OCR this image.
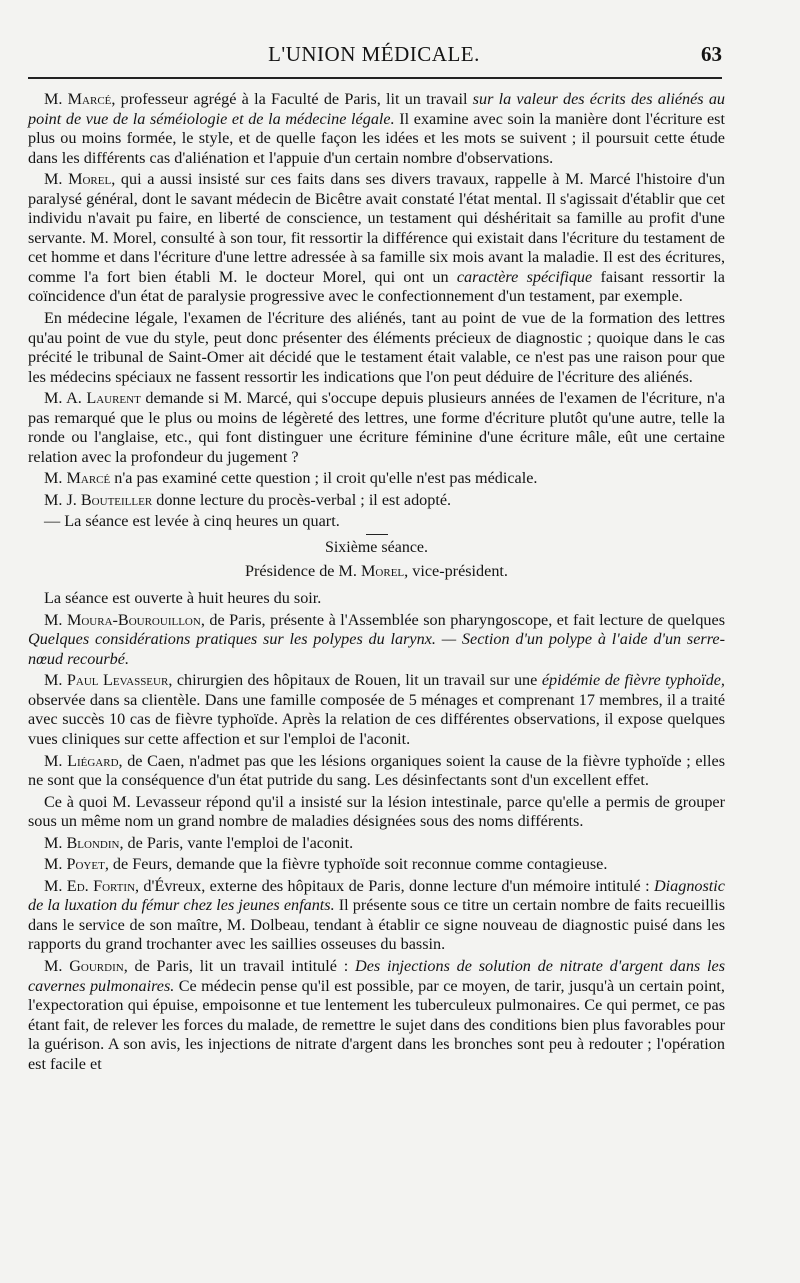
L'UNION MÉDICALE.	63

M. Marcé, professeur agrégé à la Faculté de Paris, lit un travail sur la valeur des écrits des aliénés au point de vue de la séméiologie et de la médecine légale. Il examine avec soin la manière dont l'écriture est plus ou moins formée, le style, et de quelle façon les idées et les mots se suivent ; il poursuit cette étude dans les différents cas d'aliénation et l'appuie d'un certain nombre d'observations.

M. Morel, qui a aussi insisté sur ces faits dans ses divers travaux, rappelle à M. Marcé l'histoire d'un paralysé général, dont le savant médecin de Bicêtre avait constaté l'état mental. Il s'agissait d'établir que cet individu n'avait pu faire, en liberté de conscience, un testament qui déshéritait sa famille au profit d'une servante. M. Morel, consulté à son tour, fit ressortir la différence qui existait dans l'écriture du testament de cet homme et dans l'écriture d'une lettre adressée à sa famille six mois avant la maladie. Il est des écritures, comme l'a fort bien établi M. le docteur Morel, qui ont un caractère spécifique faisant ressortir la coïncidence d'un état de paralysie progressive avec le confectionnement d'un testament, par exemple.

En médecine légale, l'examen de l'écriture des aliénés, tant au point de vue de la formation des lettres qu'au point de vue du style, peut donc présenter des éléments précieux de diagnostic ; quoique dans le cas précité le tribunal de Saint-Omer ait décidé que le testament était valable, ce n'est pas une raison pour que les médecins spéciaux ne fassent ressortir les indications que l'on peut déduire de l'écriture des aliénés.

M. A. Laurent demande si M. Marcé, qui s'occupe depuis plusieurs années de l'examen de l'écriture, n'a pas remarqué que le plus ou moins de légèreté des lettres, une forme d'écriture plutôt qu'une autre, telle la ronde ou l'anglaise, etc., qui font distinguer une écriture féminine d'une écriture mâle, eût une certaine relation avec la profondeur du jugement ?

M. Marcé n'a pas examiné cette question ; il croit qu'elle n'est pas médicale.

M. J. Bouteiller donne lecture du procès-verbal ; il est adopté.

— La séance est levée à cinq heures un quart.

Sixième séance.

Présidence de M. Morel, vice-président.

La séance est ouverte à huit heures du soir.

M. Moura-Bourouillon, de Paris, présente à l'Assemblée son pharyngoscope, et fait lecture de quelques Quelques considérations pratiques sur les polypes du larynx. — Section d'un polype à l'aide d'un serre-nœud recourbé.

M. Paul Levasseur, chirurgien des hôpitaux de Rouen, lit un travail sur une épidémie de fièvre typhoïde, observée dans sa clientèle. Dans une famille composée de 5 ménages et comprenant 17 membres, il a traité avec succès 10 cas de fièvre typhoïde. Après la relation de ces différentes observations, il expose quelques vues cliniques sur cette affection et sur l'emploi de l'aconit.

M. Liégard, de Caen, n'admet pas que les lésions organiques soient la cause de la fièvre typhoïde ; elles ne sont que la conséquence d'un état putride du sang. Les désinfectants sont d'un excellent effet.

Ce à quoi M. Levasseur répond qu'il a insisté sur la lésion intestinale, parce qu'elle a permis de grouper sous un même nom un grand nombre de maladies désignées sous des noms différents.

M. Blondin, de Paris, vante l'emploi de l'aconit.

M. Poyet, de Feurs, demande que la fièvre typhoïde soit reconnue comme contagieuse.

M. Ed. Fortin, d'Évreux, externe des hôpitaux de Paris, donne lecture d'un mémoire intitulé : Diagnostic de la luxation du fémur chez les jeunes enfants. Il présente sous ce titre un certain nombre de faits recueillis dans le service de son maître, M. Dolbeau, tendant à établir ce signe nouveau de diagnostic puisé dans les rapports du grand trochanter avec les saillies osseuses du bassin.

M. Gourdin, de Paris, lit un travail intitulé : Des injections de solution de nitrate d'argent dans les cavernes pulmonaires. Ce médecin pense qu'il est possible, par ce moyen, de tarir, jusqu'à un certain point, l'expectoration qui épuise, empoisonne et tue lentement les tuberculeux pulmonaires. Ce qui permet, ce pas étant fait, de relever les forces du malade, de remettre le sujet dans des conditions bien plus favorables pour la guérison. A son avis, les injections de nitrate d'argent dans les bronches sont peu à redouter ; l'opération est facile et
